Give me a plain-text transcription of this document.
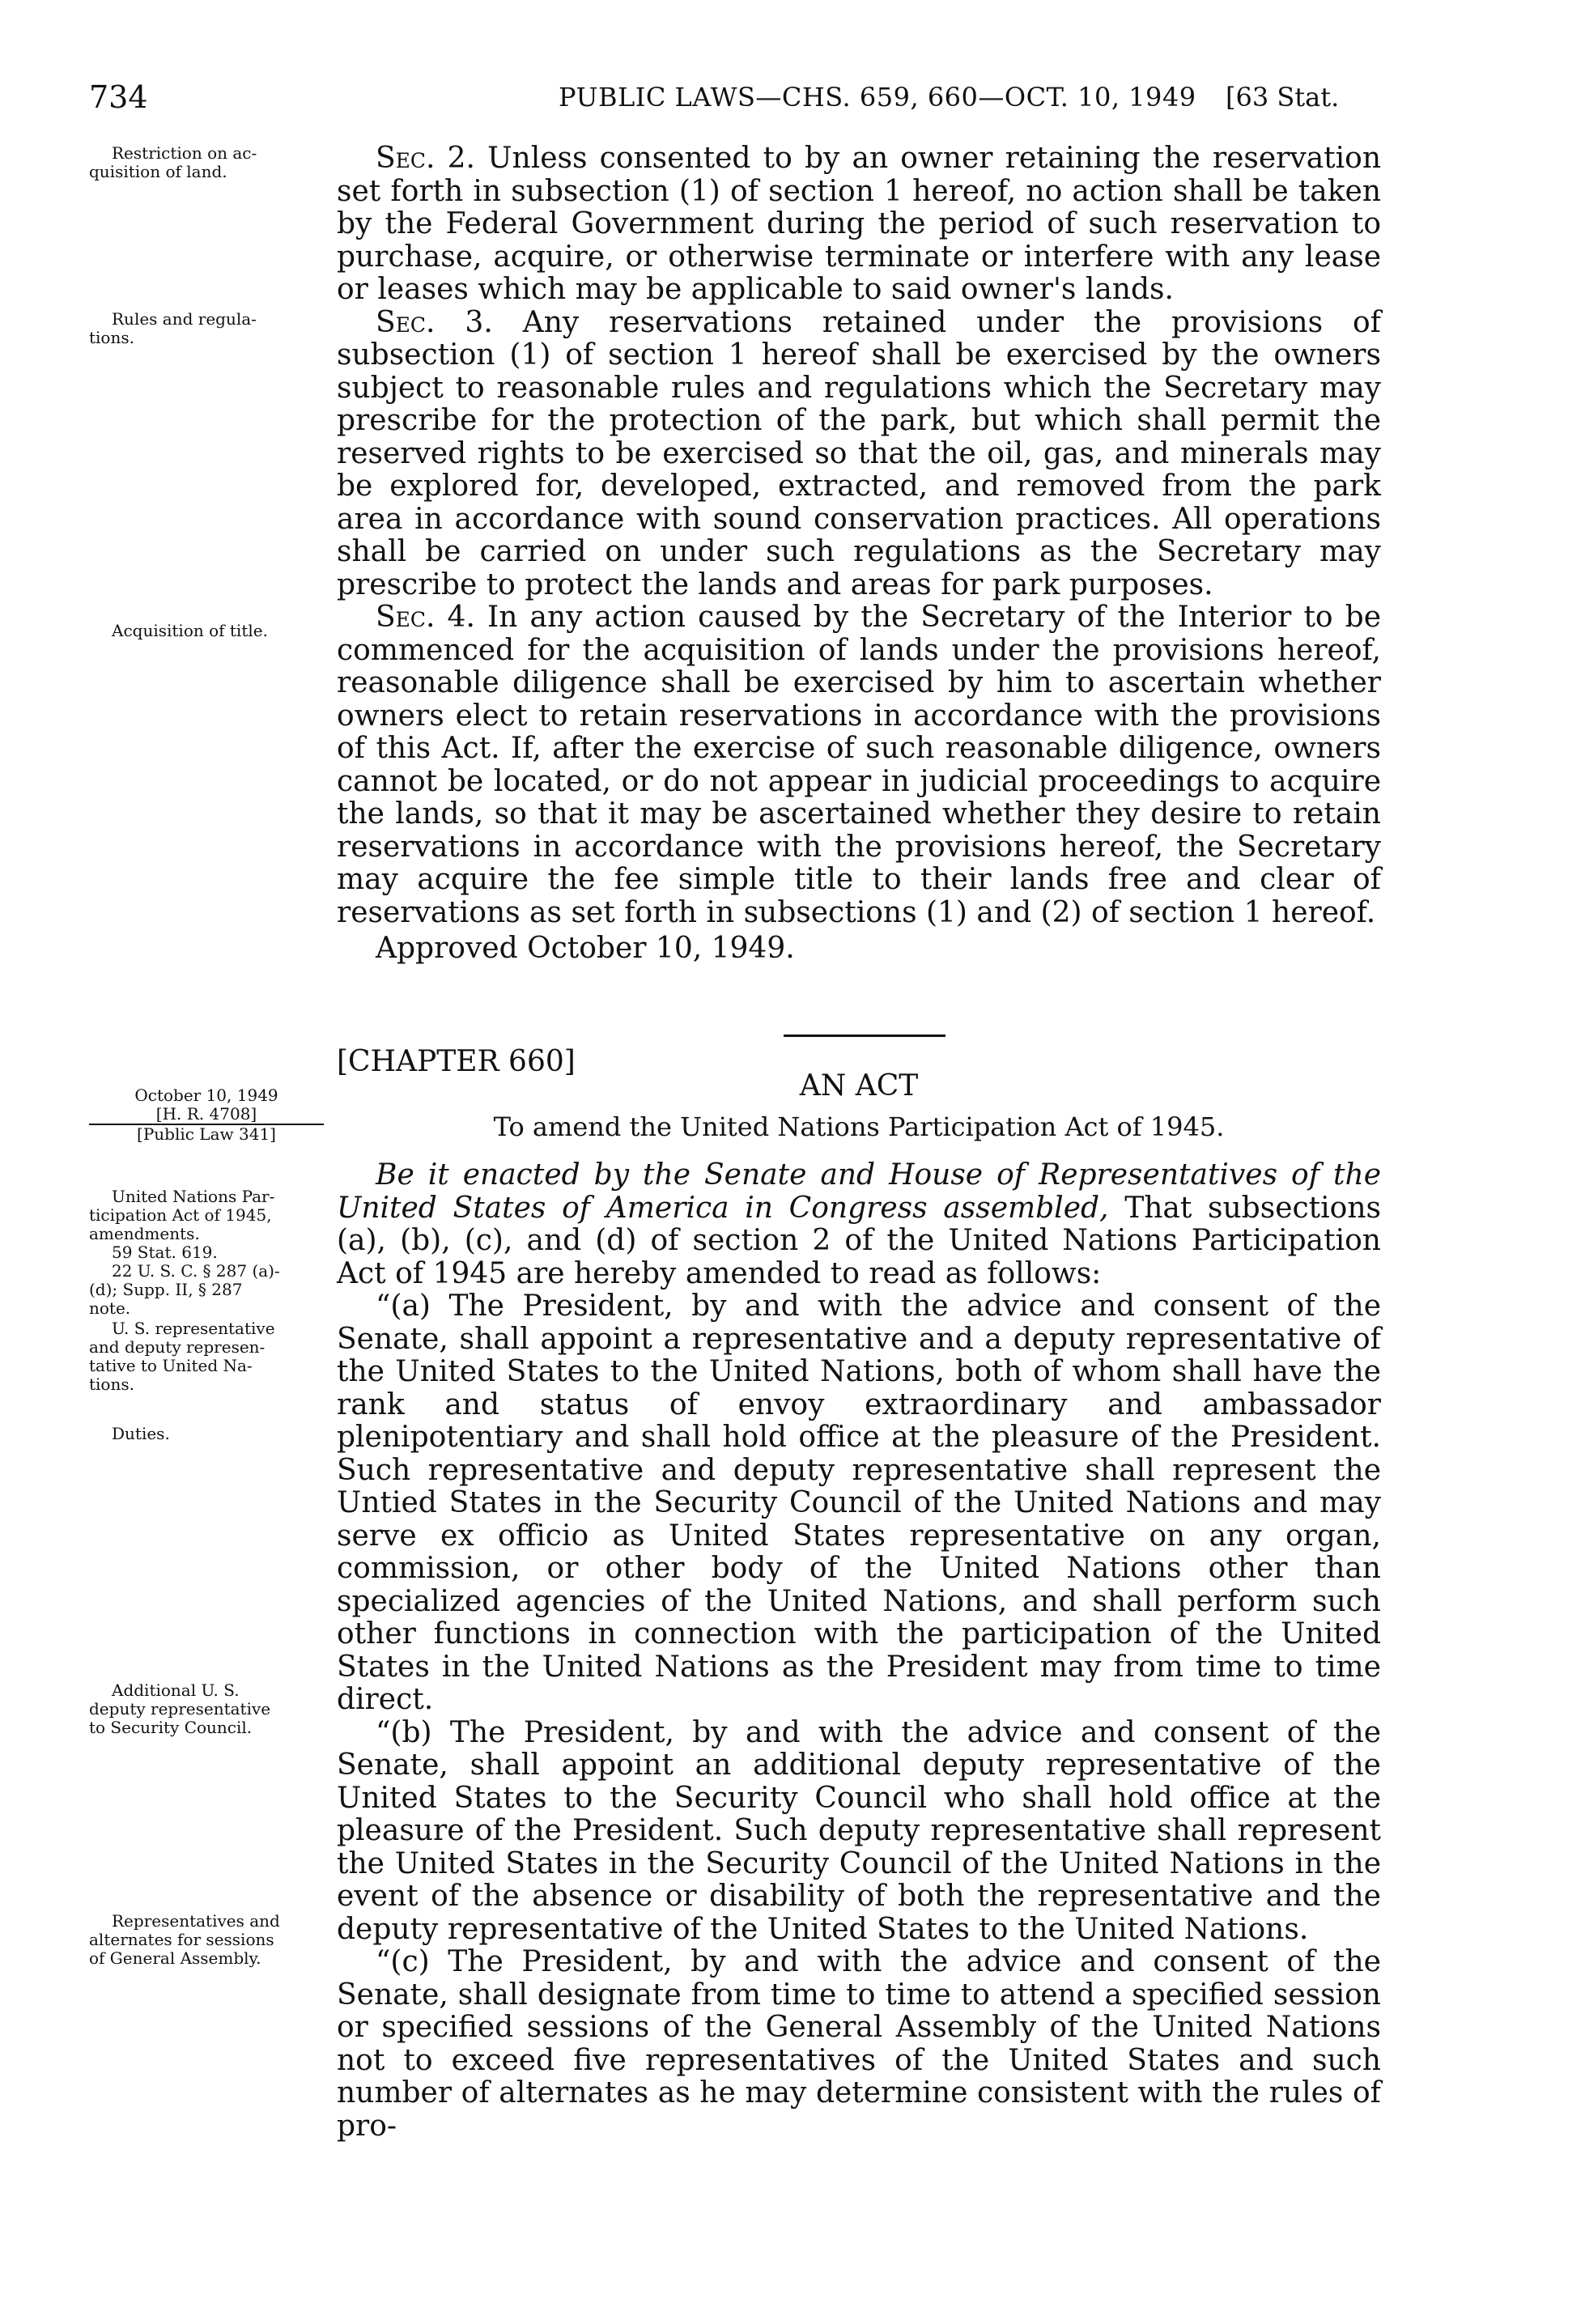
734	PUBLIC LAWS—CHS. 659, 660—OCT. 10, 1949 [63 Stat.
Restriction on ac-
quisition of land.
Rules and regula-
tions.
Acquisition of title.
October 10, 1949
[H. R. 4708]
[Public Law 341]
United Nations Par-
ticipation Act of 1945,
amendments.
59 Stat. 619.
22 U. S. C. § 287 (a)-
(d); Supp. II, § 287
note.
U. S. representative
and deputy represen-
tative to United Na-
tions.
Duties.
Additional U. S.
deputy representative
to Security Council.
Representatives and
alternates for sessions
of General Assembly.

Sec. 2. Unless consented to by an owner retaining the reservation set forth in subsection (1) of section 1 hereof, no action shall be taken by the Federal Government during the period of such reservation to purchase, acquire, or otherwise terminate or interfere with any lease or leases which may be applicable to said owner's lands.

Sec. 3. Any reservations retained under the provisions of subsection (1) of section 1 hereof shall be exercised by the owners subject to reasonable rules and regulations which the Secretary may prescribe for the protection of the park, but which shall permit the reserved rights to be exercised so that the oil, gas, and minerals may be explored for, developed, extracted, and removed from the park area in accordance with sound conservation practices. All operations shall be carried on under such regulations as the Secretary may prescribe to protect the lands and areas for park purposes.

Sec. 4. In any action caused by the Secretary of the Interior to be commenced for the acquisition of lands under the provisions hereof, reasonable diligence shall be exercised by him to ascertain whether owners elect to retain reservations in accordance with the provisions of this Act. If, after the exercise of such reasonable diligence, owners cannot be located, or do not appear in judicial proceedings to acquire the lands, so that it may be ascertained whether they desire to retain reservations in accordance with the provisions hereof, the Secretary may acquire the fee simple title to their lands free and clear of reservations as set forth in subsections (1) and (2) of section 1 hereof.

Approved October 10, 1949.

[CHAPTER 660]
AN ACT
To amend the United Nations Participation Act of 1945.

Be it enacted by the Senate and House of Representatives of the United States of America in Congress assembled, That subsections (a), (b), (c), and (d) of section 2 of the United Nations Participation Act of 1945 are hereby amended to read as follows:

“(a) The President, by and with the advice and consent of the Senate, shall appoint a representative and a deputy representative of the United States to the United Nations, both of whom shall have the rank and status of envoy extraordinary and ambassador plenipotentiary and shall hold office at the pleasure of the President. Such representative and deputy representative shall represent the Untied States in the Security Council of the United Nations and may serve ex officio as United States representative on any organ, commission, or other body of the United Nations other than specialized agencies of the United Nations, and shall perform such other functions in connection with the participation of the United States in the United Nations as the President may from time to time direct.

“(b) The President, by and with the advice and consent of the Senate, shall appoint an additional deputy representative of the United States to the Security Council who shall hold office at the pleasure of the President. Such deputy representative shall represent the United States in the Security Council of the United Nations in the event of the absence or disability of both the representative and the deputy representative of the United States to the United Nations.

“(c) The President, by and with the advice and consent of the Senate, shall designate from time to time to attend a specified session or specified sessions of the General Assembly of the United Nations not to exceed five representatives of the United States and such number of alternates as he may determine consistent with the rules of pro-
